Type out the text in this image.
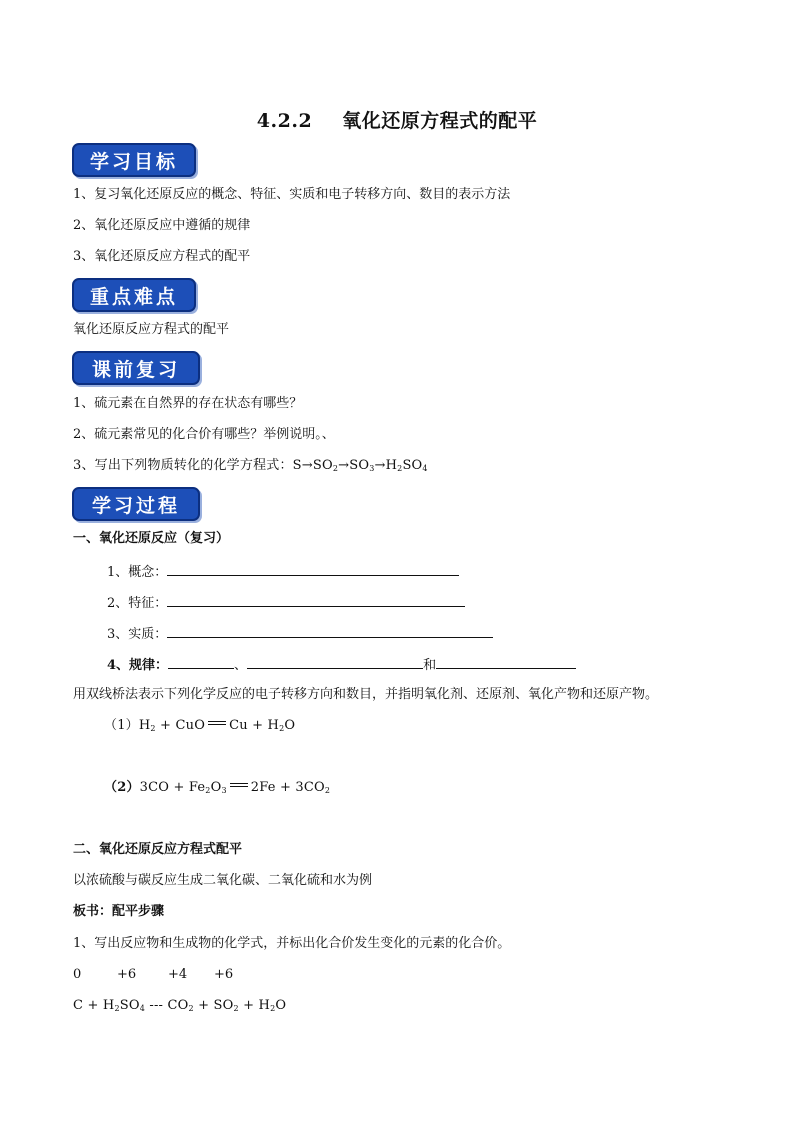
4.2.2 氧化还原方程式的配平
学习目标
1、复习氧化还原反应的概念、特征、实质和电子转移方向、数目的表示方法
2、氧化还原反应中遵循的规律
3、氧化还原反应方程式的配平
重点难点
氧化还原反应方程式的配平
课前复习
1、硫元素在自然界的存在状态有哪些？
2、硫元素常见的化合价有哪些？举例说明。、
3、写出下列物质转化的化学方程式：$S\to SO_2\to SO_3\to H_2SO_4$
学习过程
一、氧化还原反应（复习）
1、概念：
2、特征：
3、实质：
4、规律：	、	和
用双线桥法表示下列化学反应的电子转移方向和数目，并指明氧化剂、还原剂、氧化产物和还原产物。
$(1)H_2$ + CuO $Cu + H_2O$
$(2)3CO + Fe_2O_3$ $2Fe + 3CO_2$
二、氧化还原反应方程式配平
以浓硫酸与碳反应生成二氧化碳、二氧化硫和水为例
板书：配平步骤
1、写出反应物和生成物的化学式，并标出化合价发生变化的元素的化合价。
0	+6 +4 +6
$C + H_2SO_4$ --- $CO_2 + SO_2 + H_2O$
